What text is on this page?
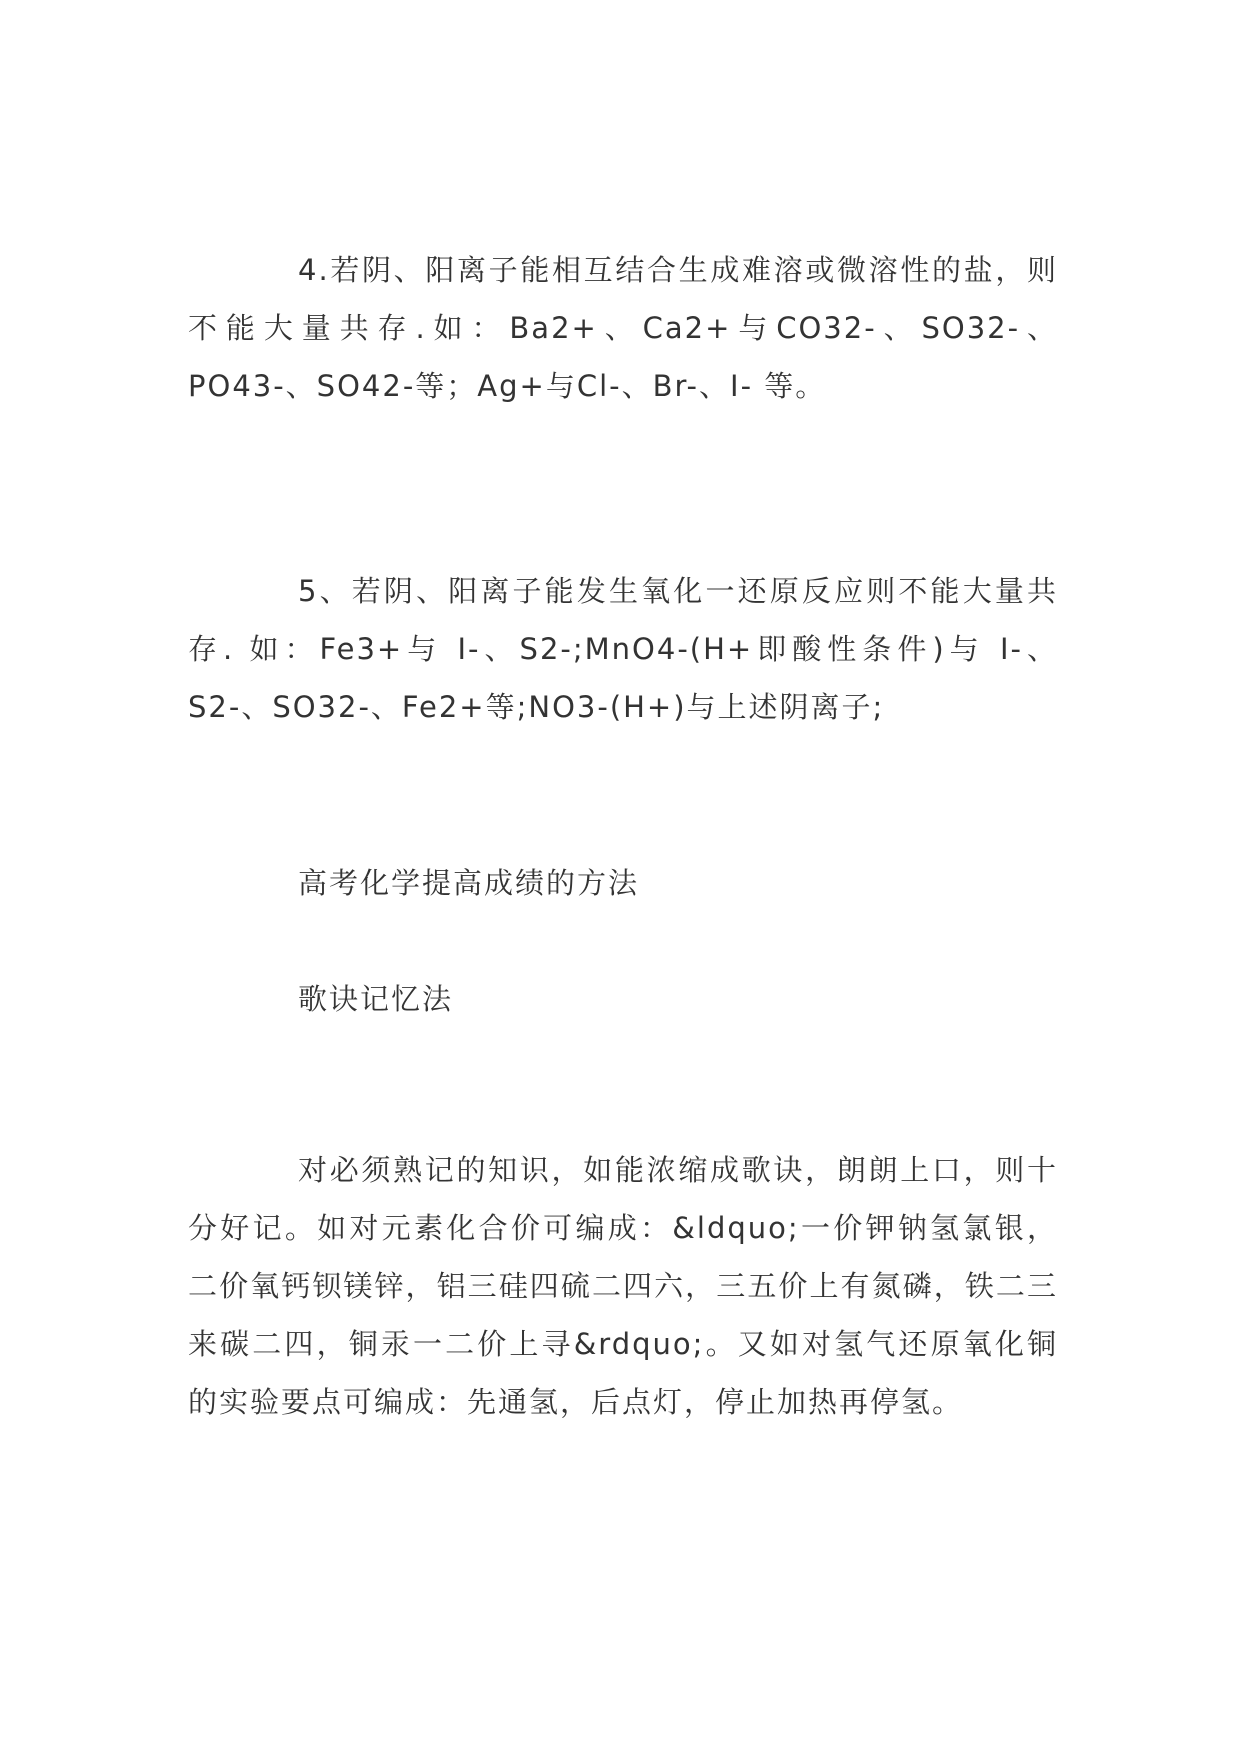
4.若阴、阳离子能相互结合生成难溶或微溶性的盐，则不能大量共存.如：Ba2+、Ca2+与CO32-、SO32-、 PO43-、SO42-等；Ag+与Cl-、Br-、I- 等。

5、若阴、阳离子能发生氧化一还原反应则不能大量共存. 如：Fe3+与 I-、S2-;MnO4-(H+即酸性条件)与 I-、S2-、SO32-、Fe2+等;NO3-(H+)与上述阴离子;

高考化学提高成绩的方法

歌诀记忆法

对必须熟记的知识，如能浓缩成歌诀，朗朗上口，则十分好记。如对元素化合价可编成：&ldquo;一价钾钠氢氯银，二价氧钙钡镁锌，铝三硅四硫二四六，三五价上有氮磷，铁二三来碳二四，铜汞一二价上寻&rdquo;。又如对氢气还原氧化铜的实验要点可编成：先通氢，后点灯，停止加热再停氢。
